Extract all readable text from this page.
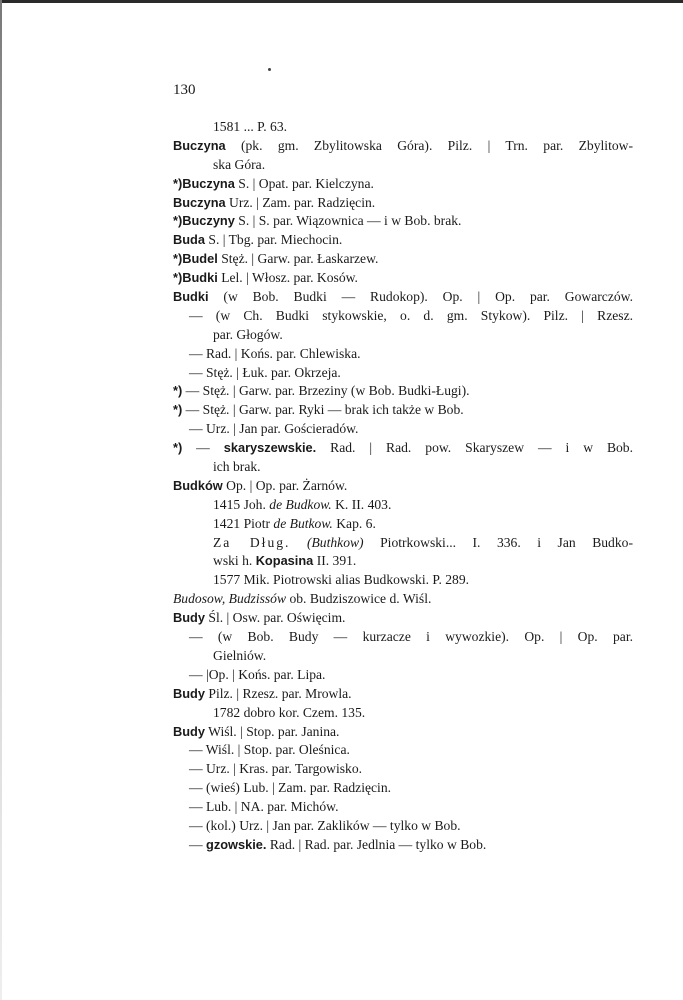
130
1581 ... P. 63.
Buczyna (pk. gm. Zbylitowska Góra). Pilz. | Trn. par. Zbylitow-
ska Góra.
*)Buczyna S. | Opat. par. Kielczyna.
Buczyna Urz. | Zam. par. Radzięcin.
*)Buczyny S. | S. par. Wiązownica — i w Bob. brak.
Buda S. | Tbg. par. Miechocin.
*)Budel Stęż. | Garw. par. Łaskarzew.
*)Budki Lel. | Włosz. par. Kosów.
Budki (w Bob. Budki — Rudokop). Op. | Op. par. Gowarczów.
— (w Ch. Budki stykowskie, o. d. gm. Stykow). Pilz. | Rzesz.
par. Głogów.
— Rad. | Końs. par. Chlewiska.
— Stęż. | Łuk. par. Okrzeja.
*) — Stęż. | Garw. par. Brzeziny (w Bob. Budki-Ługi).
*) — Stęż. | Garw. par. Ryki — brak ich także w Bob.
— Urz. | Jan par. Gościeradów.
*) — skaryszewskie. Rad. | Rad. pow. Skaryszew — i w Bob.
ich brak.
Budków Op. | Op. par. Żarnów.
1415 Joh. de Budkow. K. II. 403.
1421 Piotr de Butkow. Kap. 6.
Za Dług. (Buthkow) Piotrkowski... I. 336. i Jan Budko-
wski h. Kopasina II. 391.
1577 Mik. Piotrowski alias Budkowski. P. 289.
Budosow, Budzissów ob. Budziszowice d. Wiśl.
Budy Śl. | Osw. par. Oświęcim.
— (w Bob. Budy — kurzacze i wywozkie). Op. | Op. par.
Gielniów.
— |Op. | Końs. par. Lipa.
Budy Pilz. | Rzesz. par. Mrowla.
1782 dobro kor. Czem. 135.
Budy Wiśl. | Stop. par. Janina.
— Wiśl. | Stop. par. Oleśnica.
— Urz. | Kras. par. Targowisko.
— (wieś) Lub. | Zam. par. Radzięcin.
— Lub. | NA. par. Michów.
— (kol.) Urz. | Jan par. Zaklików — tylko w Bob.
— gzowskie. Rad. | Rad. par. Jedlnia — tylko w Bob.
